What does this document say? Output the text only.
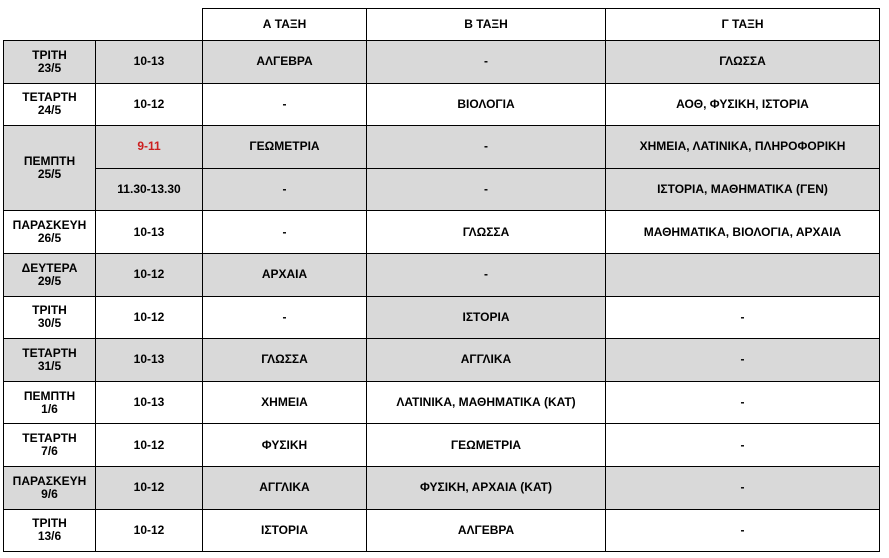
		Α ΤΑΞΗ	Β ΤΑΞΗ	Γ ΤΑΞΗ

ΤΡΙΤΗ
23/5	10-13	ΑΛΓΕΒΡΑ	-	ΓΛΩΣΣΑ

ΤΕΤΑΡΤΗ
24/5	10-12	-	ΒΙΟΛΟΓΙΑ	ΑΟΘ, ΦΥΣΙΚΗ, ΙΣΤΟΡΙΑ

ΠΕΜΠΤΗ
25/5	9-11	ΓΕΩΜΕΤΡΙΑ	-	ΧΗΜΕΙΑ, ΛΑΤΙΝΙΚΑ, ΠΛΗΡΟΦΟΡΙΚΗ
	11.30-13.30	-	-	ΙΣΤΟΡΙΑ, ΜΑΘΗΜΑΤΙΚΑ (ΓΕΝ)

ΠΑΡΑΣΚΕΥΗ
26/5	10-13	-	ΓΛΩΣΣΑ	ΜΑΘΗΜΑΤΙΚΑ, ΒΙΟΛΟΓΙΑ, ΑΡΧΑΙΑ

ΔΕΥΤΕΡΑ
29/5	10-12	ΑΡΧΑΙΑ	-	

ΤΡΙΤΗ
30/5	10-12	-	ΙΣΤΟΡΙΑ	-

ΤΕΤΑΡΤΗ
31/5	10-13	ΓΛΩΣΣΑ	ΑΓΓΛΙΚΑ	-

ΠΕΜΠΤΗ
1/6	10-13	ΧΗΜΕΙΑ	ΛΑΤΙΝΙΚΑ, ΜΑΘΗΜΑΤΙΚΑ (ΚΑΤ)	-

ΤΕΤΑΡΤΗ
7/6	10-12	ΦΥΣΙΚΗ	ΓΕΩΜΕΤΡΙΑ	-

ΠΑΡΑΣΚΕΥΗ
9/6	10-12	ΑΓΓΛΙΚΑ	ΦΥΣΙΚΗ, ΑΡΧΑΙΑ (ΚΑΤ)	-

ΤΡΙΤΗ
13/6	10-12	ΙΣΤΟΡΙΑ	ΑΛΓΕΒΡΑ	-
